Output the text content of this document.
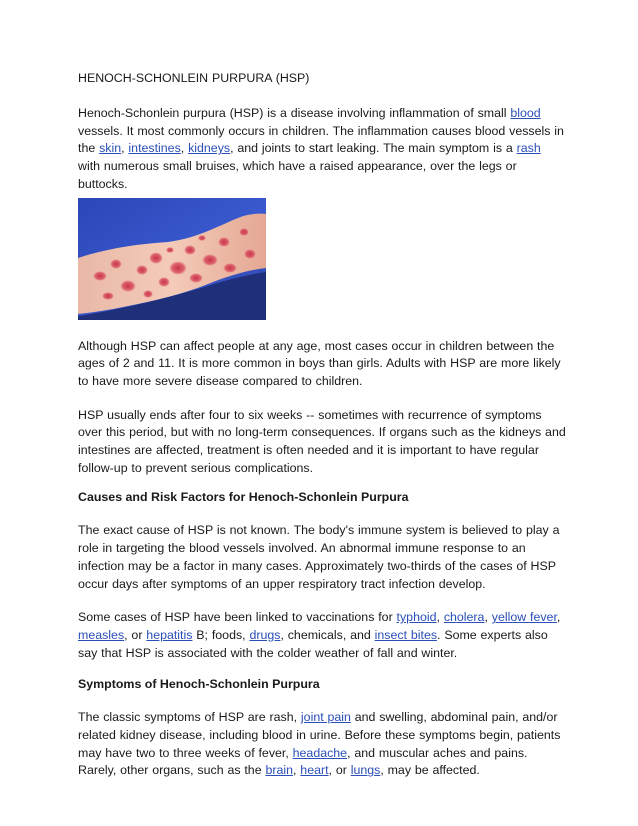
HENOCH-SCHONLEIN PURPURA (HSP)

Henoch-Schonlein purpura (HSP) is a disease involving inflammation of small blood vessels. It most commonly occurs in children. The inflammation causes blood vessels in the skin, intestines, kidneys, and joints to start leaking. The main symptom is a rash with numerous small bruises, which have a raised appearance, over the legs or buttocks.

Although HSP can affect people at any age, most cases occur in children between the ages of 2 and 11. It is more common in boys than girls. Adults with HSP are more likely to have more severe disease compared to children.

HSP usually ends after four to six weeks -- sometimes with recurrence of symptoms over this period, but with no long-term consequences. If organs such as the kidneys and intestines are affected, treatment is often needed and it is important to have regular follow-up to prevent serious complications.

Causes and Risk Factors for Henoch-Schonlein Purpura

The exact cause of HSP is not known. The body's immune system is believed to play a role in targeting the blood vessels involved. An abnormal immune response to an infection may be a factor in many cases. Approximately two-thirds of the cases of HSP occur days after symptoms of an upper respiratory tract infection develop.

Some cases of HSP have been linked to vaccinations for typhoid, cholera, yellow fever, measles, or hepatitis B; foods, drugs, chemicals, and insect bites. Some experts also say that HSP is associated with the colder weather of fall and winter.

Symptoms of Henoch-Schonlein Purpura

The classic symptoms of HSP are rash, joint pain and swelling, abdominal pain, and/or related kidney disease, including blood in urine. Before these symptoms begin, patients may have two to three weeks of fever, headache, and muscular aches and pains. Rarely, other organs, such as the brain, heart, or lungs, may be affected.
